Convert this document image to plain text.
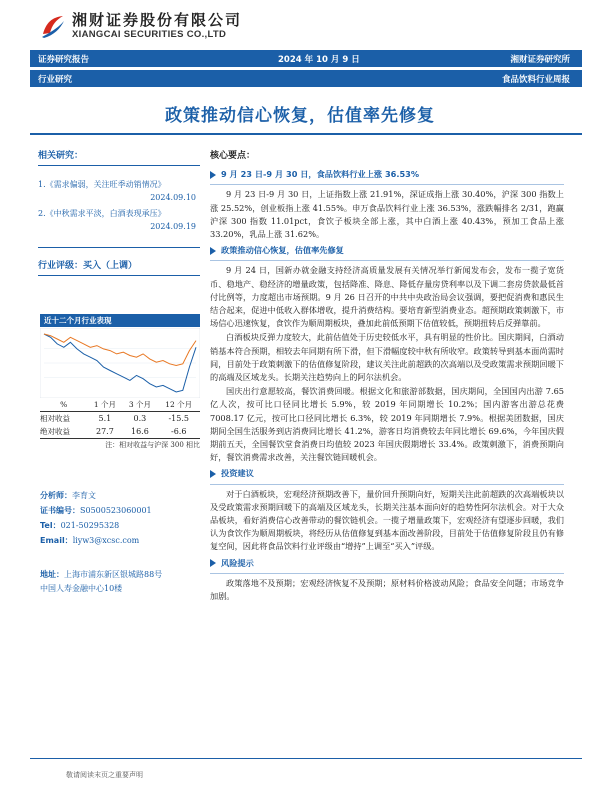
湘财证券股份有限公司
XIANGCAI SECURITIES CO.,LTD
证券研究报告	2024 年 10 月 9 日	湘财证券研究所
行业研究	食品饮料行业周报
政策推动信心恢复，估值率先修复
相关研究：
1.《需求偏弱，关注旺季动销情况》
2024.09.10
2.《中秋需求平淡，白酒表现承压》
2024.09.19
行业评级：买入（上调）
近十二个月行业表现
%	1 个月	3 个月	12 个月
相对收益	5.1	0.3	-15.5
绝对收益	27.7	16.6	-6.6
注：相对收益与沪深 300 相比
分析师：李育文
证书编号：S0500523060001
Tel：021-50295328
Email：liyw3@xcsc.com
地址：上海市浦东新区银城路88号
中国人寿金融中心10楼
核心要点：
9 月 23 日-9 月 30 日，食品饮料行业上涨 36.53%
9 月 23 日-9 月 30 日，上证指数上涨 21.91%，深证成指上涨 30.40%，沪深 300 指数上涨 25.52%，创业板指上涨 41.55%。申万食品饮料行业上涨 36.53%，涨跌幅排名 2/31，跑赢沪深 300 指数 11.01pct，食饮子板块全部上涨，其中白酒上涨 40.43%，预加工食品上涨 33.20%，乳品上涨 31.62%。
政策推动信心恢复，估值率先修复
9 月 24 日，国新办就金融支持经济高质量发展有关情况举行新闻发布会，发布一揽子宽货币、稳地产、稳经济的增量政策，包括降准、降息、降低存量房贷利率以及下调二套房贷款最低首付比例等，力度超出市场预期。9 月 26 日召开的中共中央政治局会议强调，要把促消费和惠民生结合起来，促进中低收入群体增收，提升消费结构。要培育新型消费业态。超预期政策刺激下，市场信心迅速恢复，食饮作为顺周期板块，叠加此前低预期下估值较低，预期扭转后反弹靠前。
白酒板块反弹力度较大，此前估值处于历史较低水平，具有明显的性价比。国庆期间，白酒动销基本符合预期，相较去年同期有所下滑，但下滑幅度较中秋有所收窄。政策转导到基本面尚需时间，目前处于政策刺激下的估值修复阶段，建议关注此前超跌的次高端以及受政策需求预期回暖下的高端及区域龙头。长期关注趋势向上的阿尔法机会。
国庆出行意愿较高，餐饮消费回暖。根据文化和旅游部数据，国庆期间，全国国内出游 7.65 亿人次，按可比口径同比增长 5.9%，较 2019 年同期增长 10.2%；国内游客出游总花费 7008.17 亿元，按可比口径同比增长 6.3%，较 2019 年同期增长 7.9%。根据美团数据，国庆期间全国生活服务到店消费同比增长 41.2%，游客日均消费较去年同比增长 69.6%，今年国庆假期前五天，全国餐饮堂食消费日均值较 2023 年国庆假期增长 33.4%。政策刺激下，消费预期向好，餐饮消费需求改善，关注餐饮链回暖机会。
投资建议
对于白酒板块，宏观经济预期改善下，量价回升预期向好，短期关注此前超跌的次高端板块以及受政策需求预期回暖下的高端及区域龙头，长期关注基本面向好的趋势性阿尔法机会。对于大众品板块，看好消费信心改善带动的餐饮链机会。一揽子增量政策下，宏观经济有望逐步回暖，我们认为食饮作为顺周期板块，将经历从估值修复到基本面改善阶段，目前处于估值修复阶段且仍有修复空间，因此将食品饮料行业评级由“增持”上调至“买入”评级。
风险提示
政策落地不及预期；宏观经济恢复不及预期；原材料价格波动风险；食品安全问题；市场竞争加剧。
敬请阅读末页之重要声明
